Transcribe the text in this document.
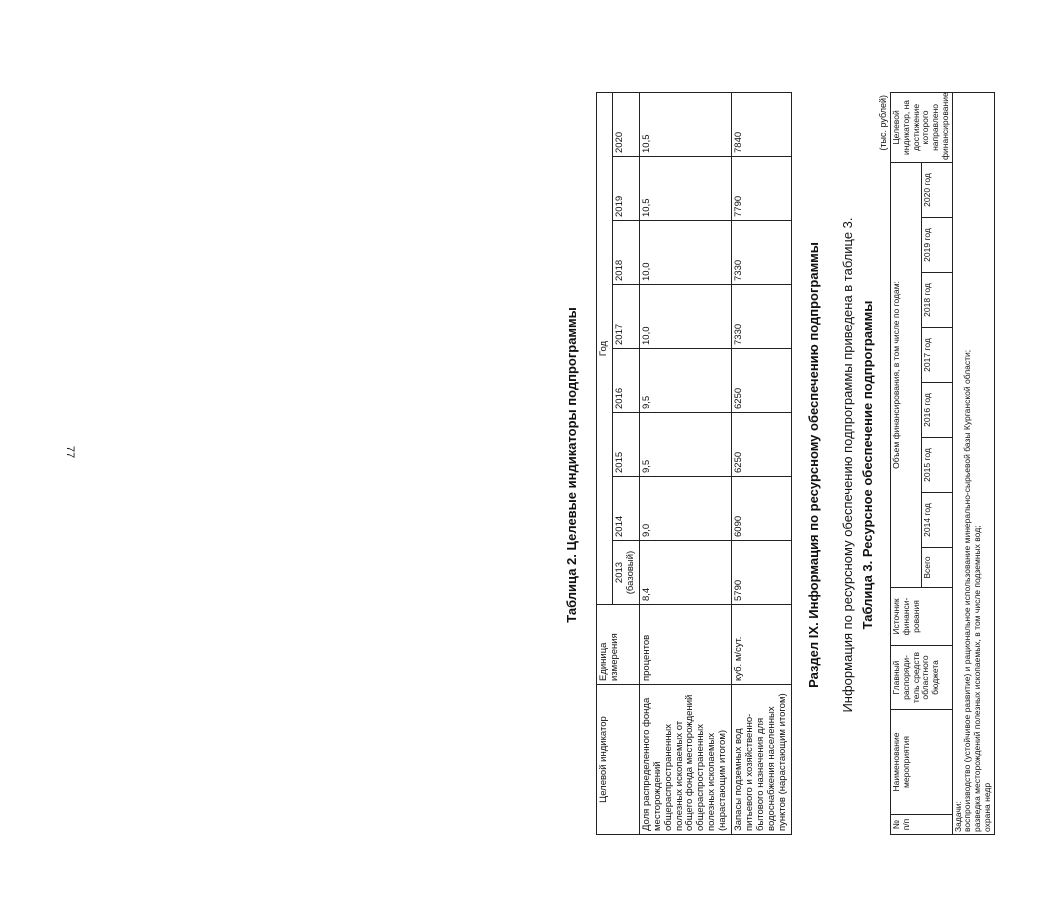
77	Таблица 2. Целевые индикаторы подпрограммы
Целевой индикатор	Единица измерения	Год							
		2013 (базовый)	2014	2015	2016	2017	2018	2019	2020
Доля распределенного фонда месторождений общераспространенных полезных ископаемых от общего фонда месторождений общераспространенных полезных ископаемых (нарастающим итогом)	процентов	8,4	9,0	9,5	9,5	10,0	10,0	10,5	10,5
Запасы подземных вод питьевого и хозяйственно-бытового назначения для водоснабжения населенных пунктов (нарастающим итогом)	куб. м/сут.	5790	6090	6250	6250	7330	7330	7790	7840
Раздел IX. Информация по ресурсному обеспечению подпрограммы Информация по ресурсному обеспечению подпрограммы приведена в таблице 3. Таблица 3. Ресурсное обеспечение подпрограммы
(тыс. рублей)
№ п/п	Наименование мероприятия	Главный распоряди-тель средств областного бюджета	Источник финанси-рования	Объем финансирования, в том числе по годам:								Целевой индикатор, на достижение которого направлено финансирование
				Всего	2014 год	2015 год	2016 год	2017 год	2018 год	2019 год	2020 год	

Задачи: воспроизводство (устойчивое развитие) и рациональное использование минерально-сырьевой базы Курганской области; разведка месторождений полезных ископаемых, в том числе подземных вод; охрана недр												
